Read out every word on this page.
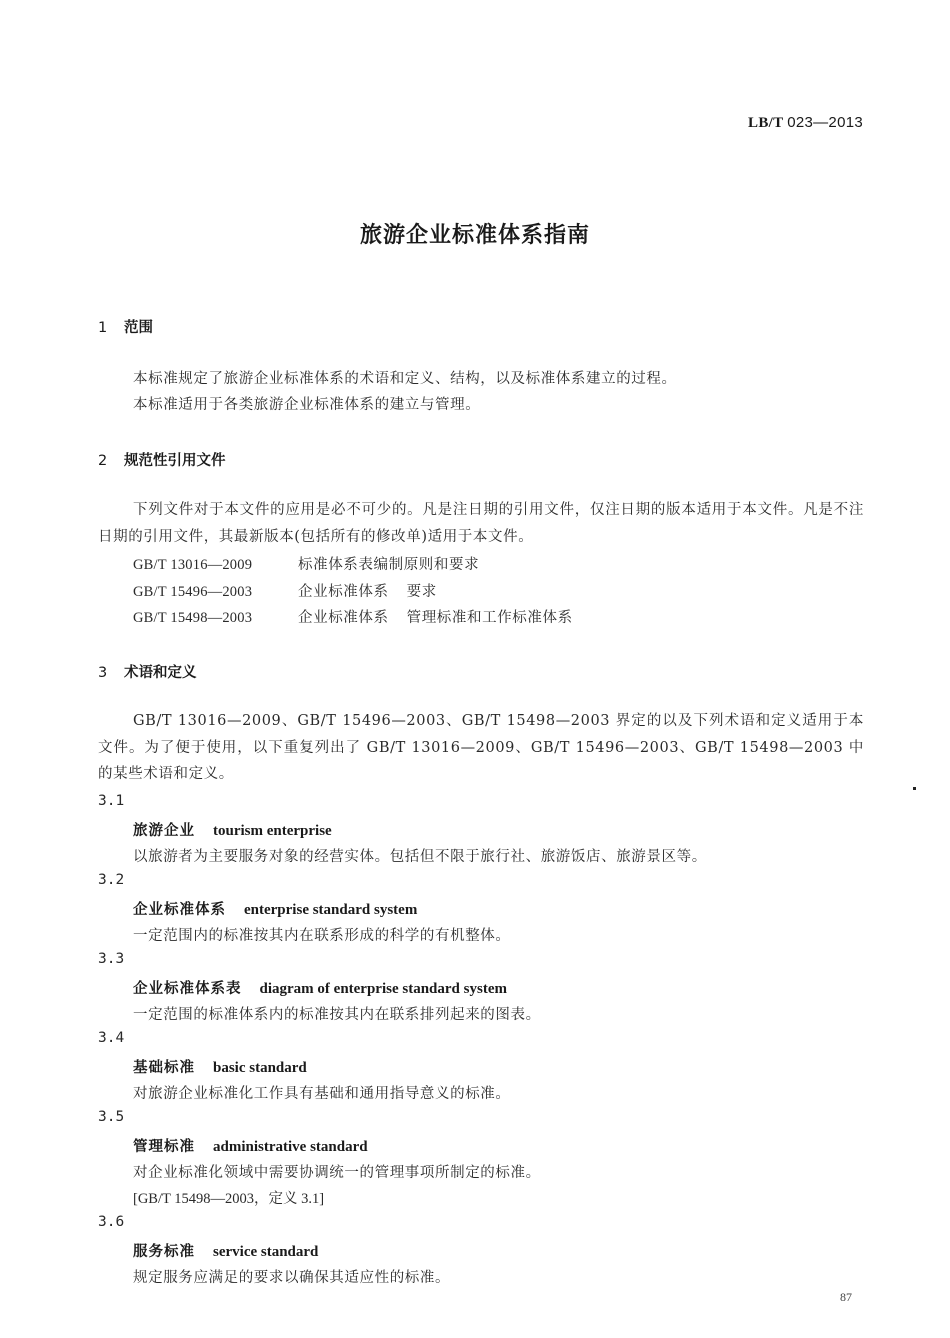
LB/T 023—2013
旅游企业标准体系指南
1 范围
本标准规定了旅游企业标准体系的术语和定义、结构，以及标准体系建立的过程。
本标准适用于各类旅游企业标准体系的建立与管理。
2 规范性引用文件
下列文件对于本文件的应用是必不可少的。凡是注日期的引用文件，仅注日期的版本适用于本文件。凡是不注日期的引用文件，其最新版本(包括所有的修改单)适用于本文件。
GB/T 13016—2009	标准体系表编制原则和要求
GB/T 15496—2003	企业标准体系 要求
GB/T 15498—2003	企业标准体系 管理标准和工作标准体系
3 术语和定义
GB/T 13016—2009、GB/T 15496—2003、GB/T 15498—2003 界定的以及下列术语和定义适用于本文件。为了便于使用，以下重复列出了 GB/T 13016—2009、GB/T 15496—2003、GB/T 15498—2003 中的某些术语和定义。
3.1
旅游企业 tourism enterprise
以旅游者为主要服务对象的经营实体。包括但不限于旅行社、旅游饭店、旅游景区等。
3.2
企业标准体系 enterprise standard system
一定范围内的标准按其内在联系形成的科学的有机整体。
3.3
企业标准体系表 diagram of enterprise standard system
一定范围的标准体系内的标准按其内在联系排列起来的图表。
3.4
基础标准 basic standard
对旅游企业标准化工作具有基础和通用指导意义的标准。
3.5
管理标准 administrative standard
对企业标准化领域中需要协调统一的管理事项所制定的标准。
[GB/T 15498—2003，定义 3.1]
3.6
服务标准 service standard
规定服务应满足的要求以确保其适应性的标准。
87
